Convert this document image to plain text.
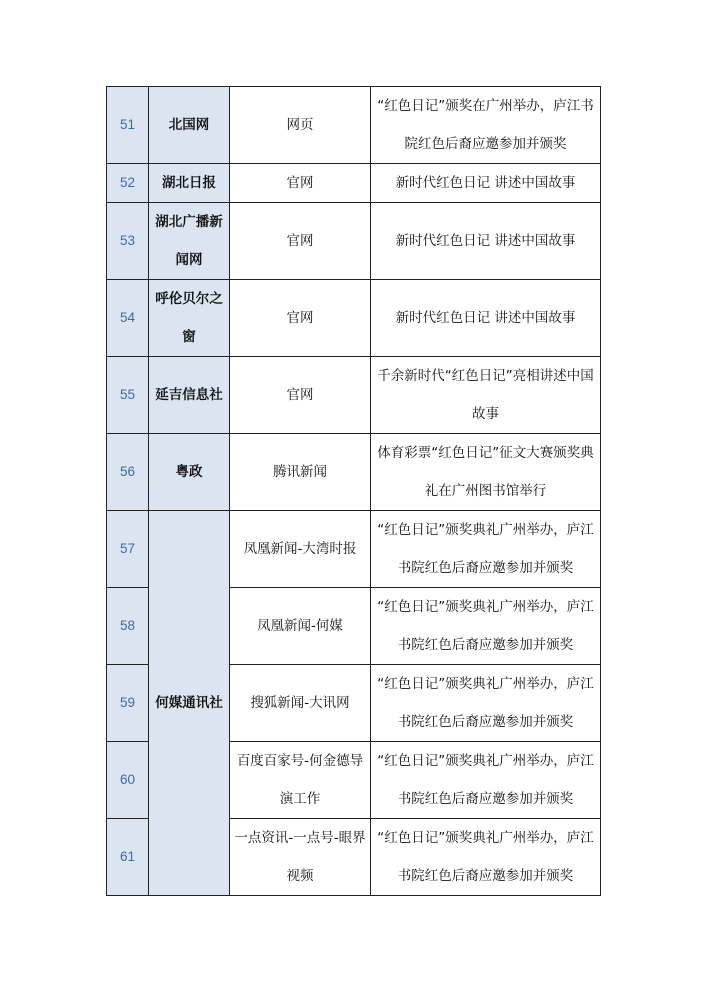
51	北国网	网页	“红色日记”颁奖在广州举办，庐江书院红色后裔应邀参加并颁奖
52	湖北日报	官网	新时代红色日记 讲述中国故事
53	湖北广播新闻网	官网	新时代红色日记 讲述中国故事
54	呼伦贝尔之窗	官网	新时代红色日记 讲述中国故事
55	延吉信息社	官网	千余新时代“红色日记”亮相讲述中国故事
56	粤政	腾讯新闻	体育彩票“红色日记”征文大赛颁奖典礼在广州图书馆举行
57	何媒通讯社	凤凰新闻-大湾时报	“红色日记”颁奖典礼广州举办，庐江书院红色后裔应邀参加并颁奖
58		凤凰新闻-何媒	“红色日记”颁奖典礼广州举办，庐江书院红色后裔应邀参加并颁奖
59		搜狐新闻-大讯网	“红色日记”颁奖典礼广州举办，庐江书院红色后裔应邀参加并颁奖
60		百度百家号-何金德导演工作	“红色日记”颁奖典礼广州举办，庐江书院红色后裔应邀参加并颁奖
61		一点资讯-一点号-眼界视频	“红色日记”颁奖典礼广州举办，庐江书院红色后裔应邀参加并颁奖
